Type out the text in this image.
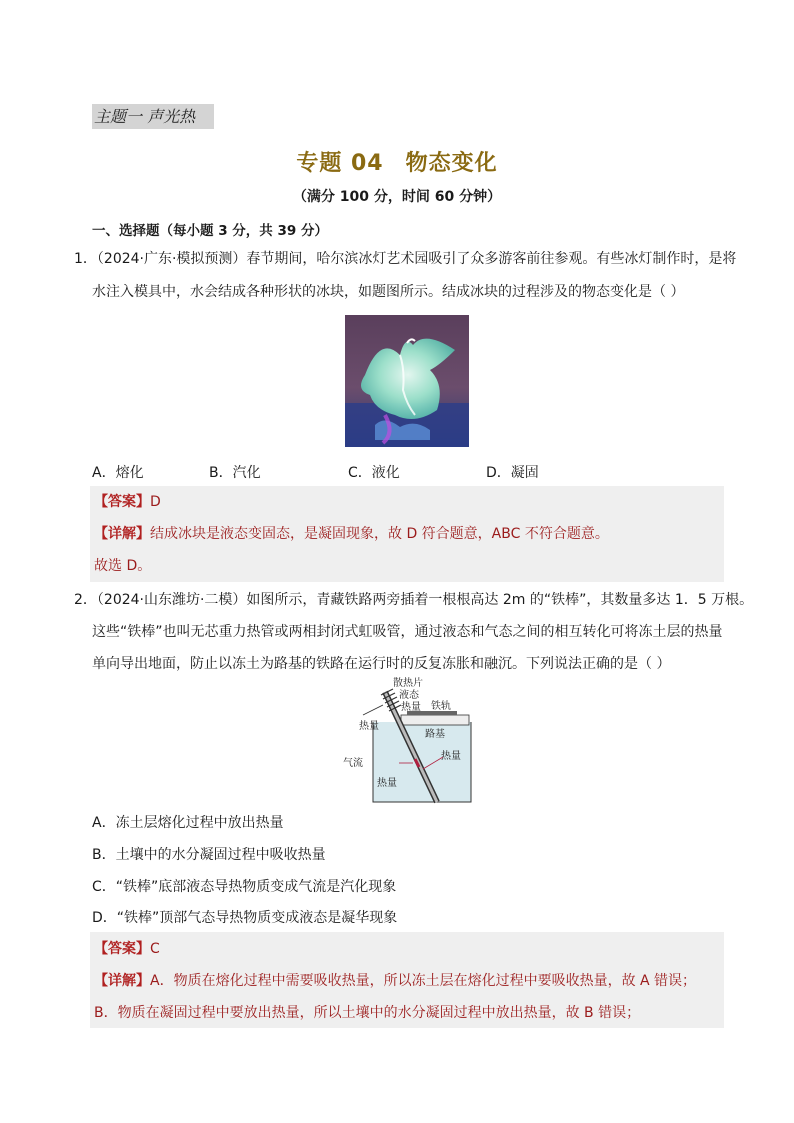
主题一 声光热
专题 04 物态变化
（满分 100 分，时间 60 分钟）
一、选择题（每小题 3 分，共 39 分）
1．（2024·广东·模拟预测）春节期间，哈尔滨冰灯艺术园吸引了众多游客前往参观。有些冰灯制作时，是将
水注入模具中，水会结成各种形状的冰块，如题图所示。结成冰块的过程涉及的物态变化是（ ）
A．熔化	B．汽化	C．液化	D．凝固
【答案】D
【详解】结成冰块是液态变固态，是凝固现象，故 D 符合题意，ABC 不符合题意。
故选 D。
2．（2024·山东潍坊·二模）如图所示，青藏铁路两旁插着一根根高达 2m 的“铁棒”，其数量多达 1．5 万根。
这些“铁棒”也叫无芯重力热管或两相封闭式虹吸管，通过液态和气态之间的相互转化可将冻土层的热量
单向导出地面，防止以冻土为路基的铁路在运行时的反复冻胀和融沉。下列说法正确的是（ ）
散热片
液态
热量 铁轨
热量
路基
气流
热量
热量
A．冻土层熔化过程中放出热量
B．土壤中的水分凝固过程中吸收热量
C．“铁棒”底部液态导热物质变成气流是汽化现象
D．“铁棒”顶部气态导热物质变成液态是凝华现象
【答案】C
【详解】A．物质在熔化过程中需要吸收热量，所以冻土层在熔化过程中要吸收热量，故 A 错误；
B．物质在凝固过程中要放出热量，所以土壤中的水分凝固过程中放出热量，故 B 错误；
